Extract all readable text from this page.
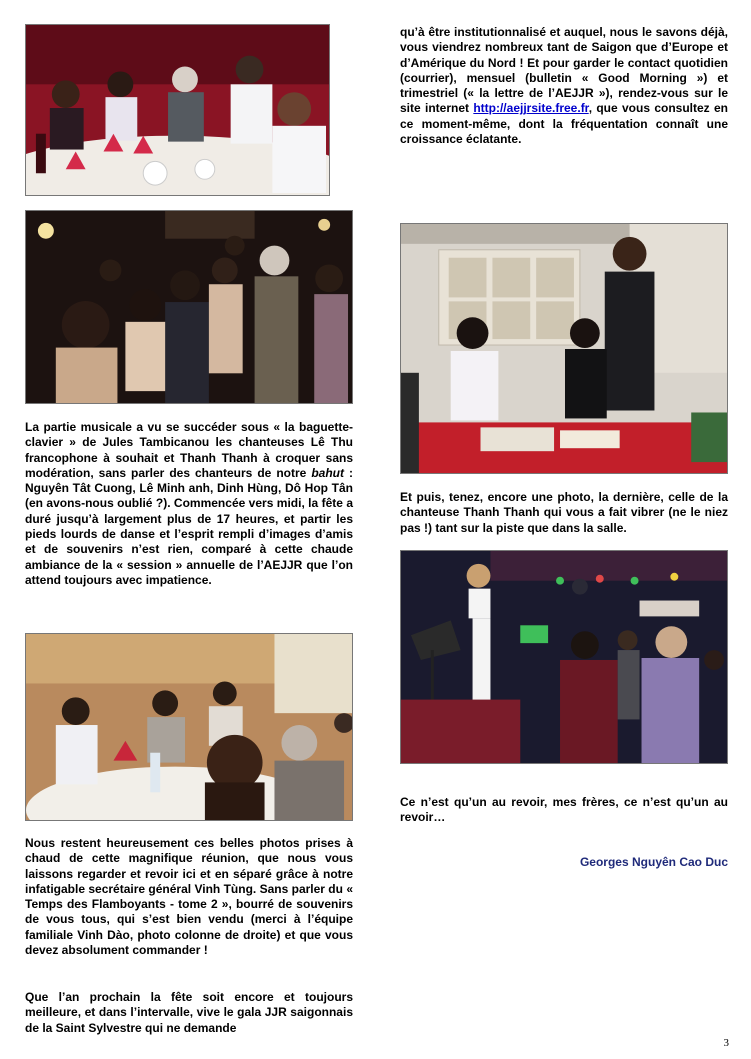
La partie musicale a vu se succéder sous « la baguette-clavier » de Jules Tambicanou les chanteuses Lê Thu francophone à souhait et Thanh Thanh à croquer sans modération, sans parler des chanteurs de notre bahut : Nguyên Tât Cuong, Lê Minh anh, Dinh Hùng, Dô Hop Tân (en avons-nous oublié ?). Commencée vers midi, la fête a duré jusqu’à largement plus de 17 heures, et partir les pieds lourds de danse et l’esprit rempli d’images d’amis et de souvenirs n’est rien, comparé à cette chaude ambiance de la « session » annuelle de l’AEJJR que l’on attend toujours avec impatience.

Nous restent heureusement ces belles photos prises à chaud de cette magnifique réunion, que nous vous laissons regarder et revoir ici et en séparé grâce à notre infatigable secrétaire général Vinh Tùng. Sans parler du « Temps des Flamboyants - tome 2 », bourré de souvenirs de vous tous, qui s’est bien vendu (merci à l’équipe familiale Vinh Dào, photo colonne de droite) et que vous devez absolument commander !

Que l’an prochain la fête soit encore et toujours meilleure, et dans l’intervalle, vive le gala JJR saigonnais de la Saint Sylvestre qui ne demande

qu’à être institutionnalisé et auquel, nous le savons déjà, vous viendrez nombreux tant de Saigon que d’Europe et d’Amérique du Nord ! Et pour garder le contact quotidien (courrier), mensuel (bulletin « Good Morning ») et trimestriel (« la lettre de l’AEJJR »), rendez-vous sur le site internet http://aejjrsite.free.fr, que vous consultez en ce moment-même, dont la fréquentation connaît une croissance éclatante.

Et puis, tenez, encore une photo, la dernière, celle de la chanteuse Thanh Thanh qui vous a fait vibrer (ne le niez pas !) tant sur la piste que dans la salle.

Ce n’est qu’un au revoir, mes frères, ce n’est qu’un au revoir…

Georges Nguyên Cao Duc

3
